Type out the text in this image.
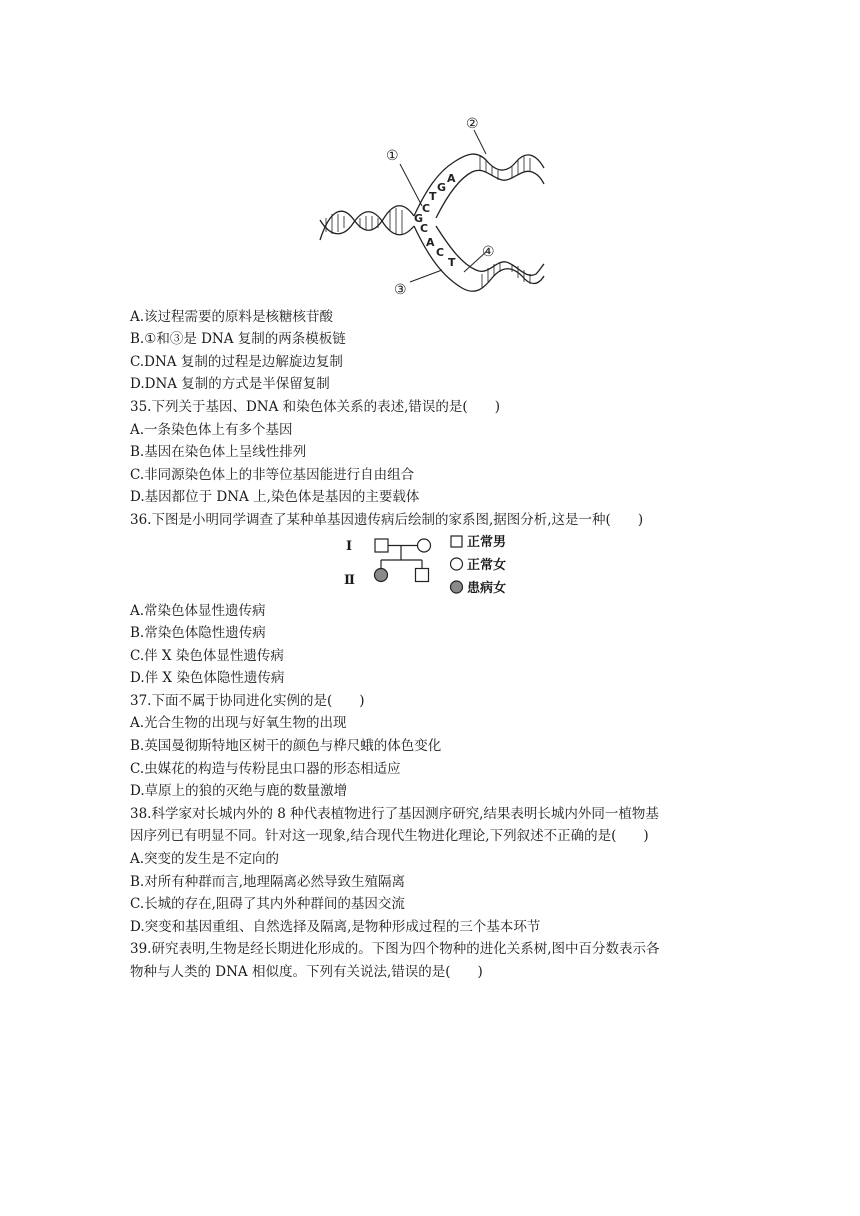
①
②
③
④
A
T
G
C
G
C
A
C
T
A.该过程需要的原料是核糖核苷酸
B.①和③是 DNA 复制的两条模板链
C.DNA 复制的过程是边解旋边复制
D.DNA 复制的方式是半保留复制
35.下列关于基因、DNA 和染色体关系的表述,错误的是(　　)
A.一条染色体上有多个基因
B.基因在染色体上呈线性排列
C.非同源染色体上的非等位基因能进行自由组合
D.基因都位于 DNA 上,染色体是基因的主要载体
36.下图是小明同学调查了某种单基因遗传病后绘制的家系图,据图分析,这是一种(　　)
Ⅰ
Ⅱ
正常男
正常女
患病女
A.常染色体显性遗传病
B.常染色体隐性遗传病
C.伴 X 染色体显性遗传病
D.伴 X 染色体隐性遗传病
37.下面不属于协同进化实例的是(　　)
A.光合生物的出现与好氧生物的出现
B.英国曼彻斯特地区树干的颜色与桦尺蛾的体色变化
C.虫媒花的构造与传粉昆虫口器的形态相适应
D.草原上的狼的灭绝与鹿的数量激增
38.科学家对长城内外的 8 种代表植物进行了基因测序研究,结果表明长城内外同一植物基
因序列已有明显不同。针对这一现象,结合现代生物进化理论,下列叙述不正确的是(　　)
A.突变的发生是不定向的
B.对所有种群而言,地理隔离必然导致生殖隔离
C.长城的存在,阻碍了其内外种群间的基因交流
D.突变和基因重组、自然选择及隔离,是物种形成过程的三个基本环节
39.研究表明,生物是经长期进化形成的。下图为四个物种的进化关系树,图中百分数表示各
物种与人类的 DNA 相似度。下列有关说法,错误的是(　　)
